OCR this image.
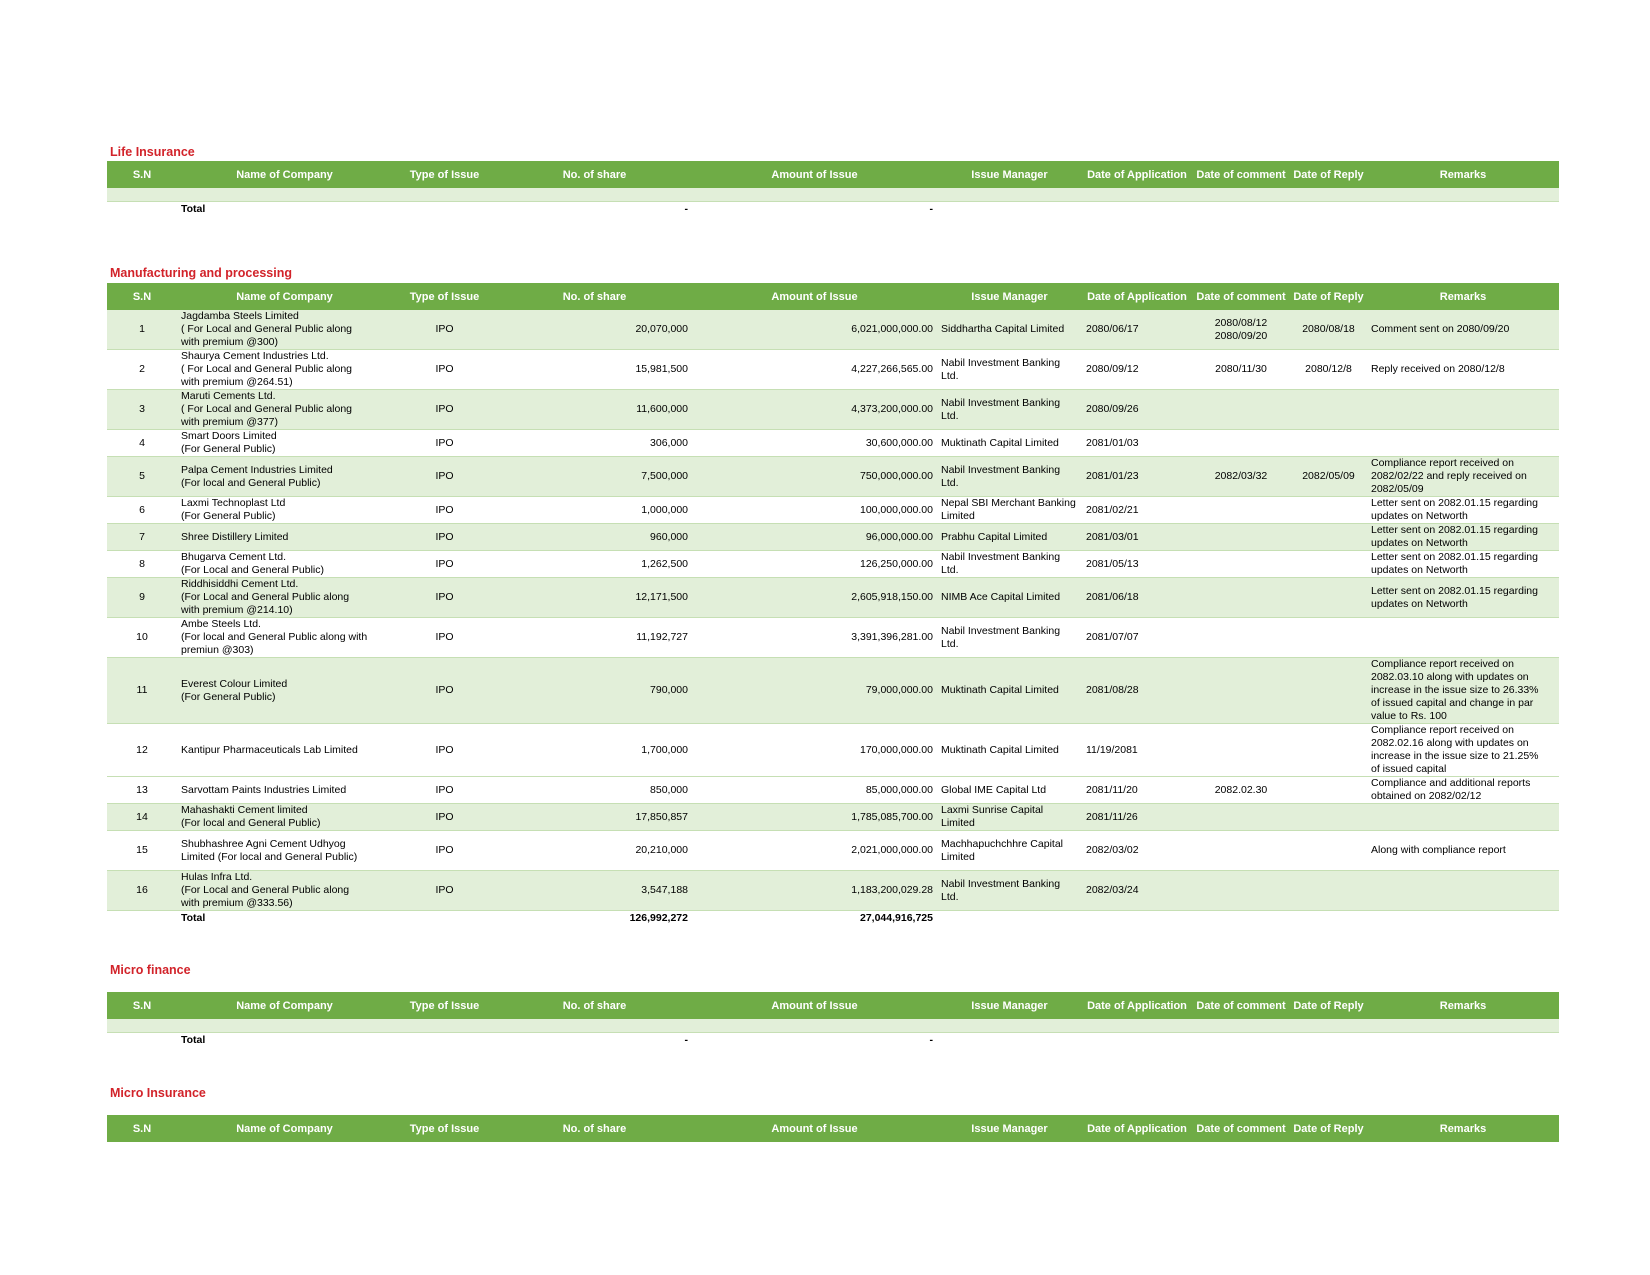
Life Insurance
S.N	Name of Company	Type of Issue	No. of share	Amount of Issue	Issue Manager	Date of Application	Date of comment	Date of Reply	Remarks

	Total		-	-					
Manufacturing and processing
S.N	Name of Company	Type of Issue	No. of share	Amount of Issue	Issue Manager	Date of Application	Date of comment	Date of Reply	Remarks
1	Jagdamba Steels Limited
( For Local and General Public along
with premium @300)	IPO	20,070,000	6,021,000,000.00	Siddhartha Capital Limited	2080/06/17	2080/08/12
2080/09/20	2080/08/18	Comment sent on 2080/09/20
2	Shaurya Cement Industries Ltd.
( For Local and General Public along
with premium @264.51)	IPO	15,981,500	4,227,266,565.00	Nabil Investment Banking
Ltd.	2080/09/12	2080/11/30	2080/12/8	Reply received on 2080/12/8
3	Maruti Cements Ltd.
( For Local and General Public along
with premium @377)	IPO	11,600,000	4,373,200,000.00	Nabil Investment Banking
Ltd.	2080/09/26			
4	Smart Doors Limited
(For General Public)	IPO	306,000	30,600,000.00	Muktinath Capital Limited	2081/01/03			
5	Palpa Cement Industries Limited
(For local and General Public)	IPO	7,500,000	750,000,000.00	Nabil Investment Banking
Ltd.	2081/01/23	2082/03/32	2082/05/09	Compliance report received on
2082/02/22 and reply received on
2082/05/09
6	Laxmi Technoplast Ltd
(For General Public)	IPO	1,000,000	100,000,000.00	Nepal SBI Merchant Banking
Limited	2081/02/21			Letter sent on 2082.01.15 regarding
updates on Networth
7	Shree Distillery Limited	IPO	960,000	96,000,000.00	Prabhu Capital Limited	2081/03/01			Letter sent on 2082.01.15 regarding
updates on Networth
8	Bhugarva Cement Ltd.
(For Local and General Public)	IPO	1,262,500	126,250,000.00	Nabil Investment Banking
Ltd.	2081/05/13			Letter sent on 2082.01.15 regarding
updates on Networth
9	Riddhisiddhi Cement Ltd.
(For Local and General Public along
with premium @214.10)	IPO	12,171,500	2,605,918,150.00	NIMB Ace Capital Limited	2081/06/18			Letter sent on 2082.01.15 regarding
updates on Networth
10	Ambe Steels Ltd.
(For local and General Public along with
premiun @303)	IPO	11,192,727	3,391,396,281.00	Nabil Investment Banking
Ltd.	2081/07/07			
11	Everest Colour Limited
(For General Public)	IPO	790,000	79,000,000.00	Muktinath Capital Limited	2081/08/28			Compliance report received on
2082.03.10 along with updates on
increase in the issue size to 26.33%
of issued capital and change in par
value to Rs. 100
12	Kantipur Pharmaceuticals Lab Limited	IPO	1,700,000	170,000,000.00	Muktinath Capital Limited	11/19/2081			Compliance report received on
2082.02.16 along with updates on
increase in the issue size to 21.25%
of issued capital
13	Sarvottam Paints Industries Limited	IPO	850,000	85,000,000.00	Global IME Capital Ltd	2081/11/20	2082.02.30		Compliance and additional reports
obtained on 2082/02/12
14	Mahashakti Cement limited
(For local and General Public)	IPO	17,850,857	1,785,085,700.00	Laxmi Sunrise Capital
Limited	2081/11/26			
15	Shubhashree Agni Cement Udhyog
Limited (For local and General Public)	IPO	20,210,000	2,021,000,000.00	Machhapuchchhre Capital
Limited	2082/03/02			Along with compliance report
16	Hulas Infra Ltd.
(For Local and General Public along
with premium @333.56)	IPO	3,547,188	1,183,200,029.28	Nabil Investment Banking
Ltd.	2082/03/24			
	Total		126,992,272	27,044,916,725					
Micro finance
S.N	Name of Company	Type of Issue	No. of share	Amount of Issue	Issue Manager	Date of Application	Date of comment	Date of Reply	Remarks

	Total		-	-					
Micro Insurance
S.N	Name of Company	Type of Issue	No. of share	Amount of Issue	Issue Manager	Date of Application	Date of comment	Date of Reply	Remarks
